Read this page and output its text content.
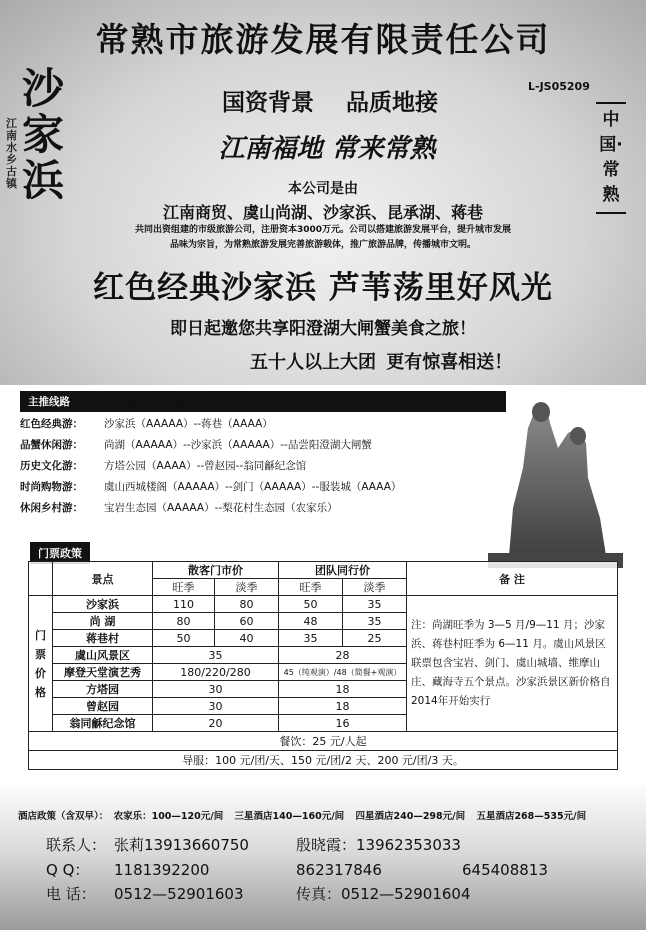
常熟市旅游发展有限责任公司
L-JS05209
沙家浜
江南水乡古镇
中国·常熟
国资背景 品质地接
江南福地 常来常熟
本公司是由
江南商贸、虞山尚湖、沙家浜、昆承湖、蒋巷
共同出资组建的市级旅游公司，注册资本3000万元。公司以搭建旅游发展平台，提升城市发展
品味为宗旨，为常熟旅游发展完善旅游载体，推广旅游品牌，传播城市文明。
红色经典沙家浜 芦苇荡里好风光
即日起邀您共享阳澄湖大闸蟹美食之旅！
五十人以上大团 更有惊喜相送！
主推线路	周边景点可任意组合
红色经典游： 沙家浜（AAAAA）--蒋巷（AAAA）
品蟹休闲游： 尚湖（AAAAA）--沙家浜（AAAAA）--品尝阳澄湖大闸蟹
历史文化游： 方塔公园（AAAA）--曾赵园--翁同龢纪念馆
时尚购物游： 虞山西城楼阁（AAAAA）--剑门（AAAAA）--服装城（AAAA）
休闲乡村游： 宝岩生态园（AAAAA）--梨花村生态园（农家乐）
门票政策
	景点	散客门市价		团队同行价		备 注
		旺季	淡季	旺季	淡季	

门票价格	沙家浜	110	80	50	35	注：尚湖旺季为 3—5 月/9—11 月；沙家浜、蒋巷村旺季为 6—11 月。虞山风景区联票包含宝岩、剑门、虞山城墙、维摩山庄、藏海寺五个景点。沙家浜景区新价格自2014年开始实行
	尚 湖	80	60	48	35	
	蒋巷村	50	40	35	25	
	虞山风景区	35		28		
	摩登天堂演艺秀	180/220/280		45（纯观演）/48（简餐+观演）		
	方塔园	30		18		
	曾赵园	30		18		
	翁同龢纪念馆	20		16		
餐饮：25 元/人起						
导服：100 元/团/天、150 元/团/2 天、200 元/团/3 天。						
酒店政策（含双早）： 农家乐：100—120元/间 三星酒店140—160元/间 四星酒店240—298元/间 五星酒店268—535元/间
联系人： 张莉13913660750	殷晓霞：13962353033
Q Q： 1181392200	862317846	645408813
电 话： 0512—52901603	传真：0512—52901604
